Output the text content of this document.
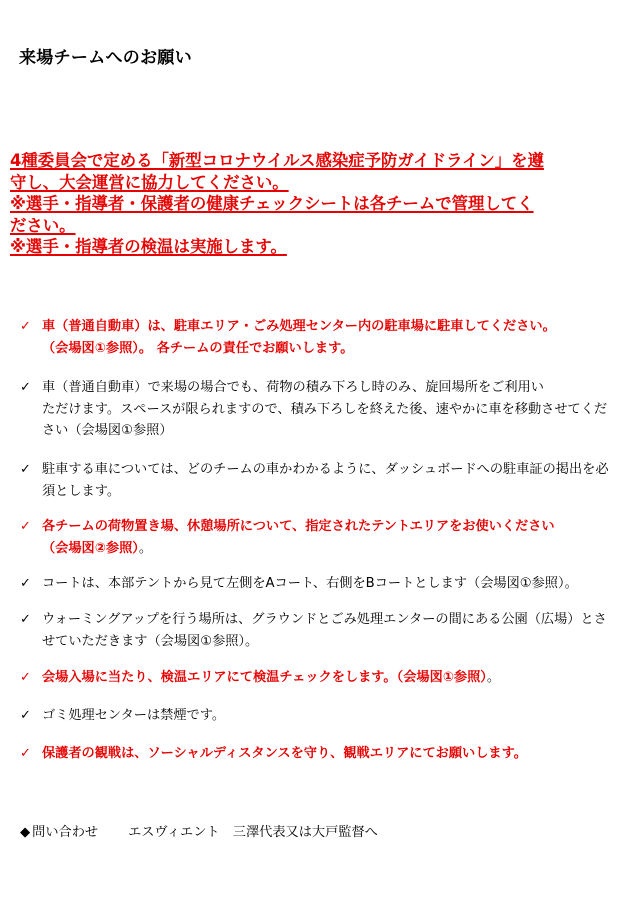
来場チームへのお願い
4種委員会で定める「新型コロナウイルス感染症予防ガイドライン」を遵
守し、大会運営に協力してください。
※選手・指導者・保護者の健康チェックシートは各チームで管理してく
ださい。
※選手・指導者の検温は実施します。
✓ 車（普通自動車）は、駐車エリア・ごみ処理センター内の駐車場に駐車してください。
（会場図①参照）。 各チームの責任でお願いします。
✓ 車（普通自動車）で来場の場合でも、荷物の積み下ろし時のみ、旋回場所をご利用い
ただけます。スペースが限られますので、積み下ろしを終えた後、速やかに車を移動させてくだ
さい（会場図①参照）
✓ 駐車する車については、どのチームの車かわかるように、ダッシュボードへの駐車証の掲出を必
須とします。
✓ 各チームの荷物置き場、休憩場所について、指定されたテントエリアをお使いください
（会場図②参照）。
✓ コートは、本部テントから見て左側をAコート、右側をBコートとします（会場図①参照）。
✓ ウォーミングアップを行う場所は、グラウンドとごみ処理エンターの間にある公園（広場）とさ
せていただきます（会場図①参照）。
✓ 会場入場に当たり、検温エリアにて検温チェックをします。（会場図①参照）。
✓ ゴミ処理センターは禁煙です。
✓ 保護者の観戦は、ソーシャルディスタンスを守り、観戦エリアにてお願いします。
◆ 問い合わせ エスヴィエント　三澤代表又は大戸監督へ
